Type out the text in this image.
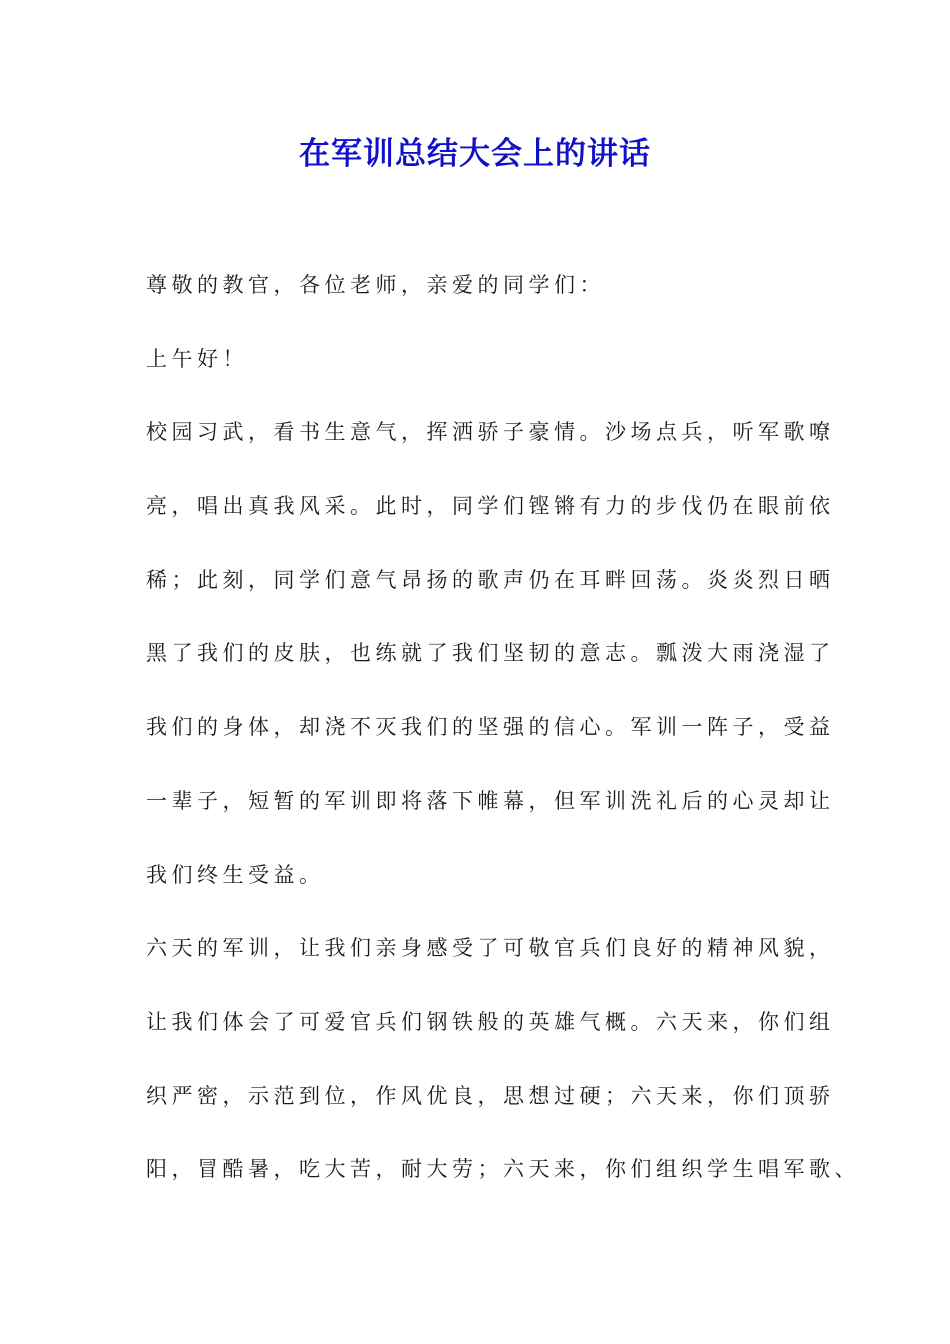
在军训总结大会上的讲话
尊敬的教官，各位老师，亲爱的同学们：
上午好！
校园习武，看书生意气，挥洒骄子豪情。沙场点兵，听军歌嘹
亮，唱出真我风采。此时，同学们铿锵有力的步伐仍在眼前依
稀；此刻，同学们意气昂扬的歌声仍在耳畔回荡。炎炎烈日晒
黑了我们的皮肤，也练就了我们坚韧的意志。瓢泼大雨浇湿了
我们的身体，却浇不灭我们的坚强的信心。军训一阵子，受益
一辈子，短暂的军训即将落下帷幕，但军训洗礼后的心灵却让
我们终生受益。
六天的军训，让我们亲身感受了可敬官兵们良好的精神风貌，
让我们体会了可爱官兵们钢铁般的英雄气概。六天来，你们组
织严密，示范到位，作风优良，思想过硬；六天来，你们顶骄
阳，冒酷暑，吃大苦，耐大劳；六天来，你们组织学生唱军歌、
